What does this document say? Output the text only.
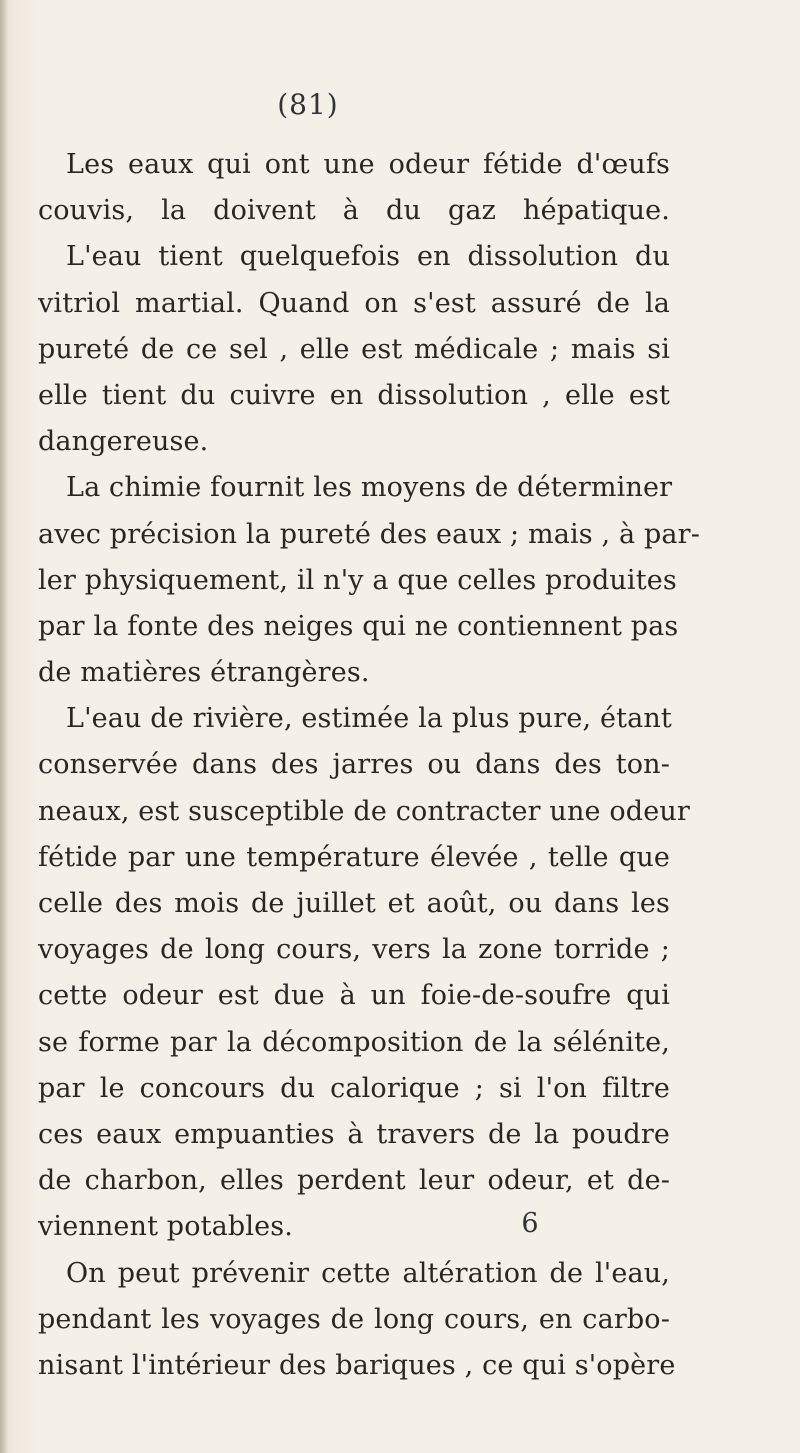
(81)
Les eaux qui ont une odeur fétide d'œufs
couvis, la doivent à du gaz hépatique.
L'eau tient quelquefois en dissolution du
vitriol martial. Quand on s'est assuré de la
pureté de ce sel , elle est médicale ; mais si
elle tient du cuivre en dissolution , elle est
dangereuse.
La chimie fournit les moyens de déterminer
avec précision la pureté des eaux ; mais , à par-
ler physiquement, il n'y a que celles produites
par la fonte des neiges qui ne contiennent pas
de matières étrangères.
L'eau de rivière, estimée la plus pure, étant
conservée dans des jarres ou dans des ton-
neaux, est susceptible de contracter une odeur
fétide par une température élevée , telle que
celle des mois de juillet et août, ou dans les
voyages de long cours, vers la zone torride ;
cette odeur est due à un foie-de-soufre qui
se forme par la décomposition de la sélénite,
par le concours du calorique ; si l'on filtre
ces eaux empuanties à travers de la poudre
de charbon, elles perdent leur odeur, et de-
viennent potables.
On peut prévenir cette altération de l'eau,
pendant les voyages de long cours, en carbo-
nisant l'intérieur des bariques , ce qui s'opère
6
